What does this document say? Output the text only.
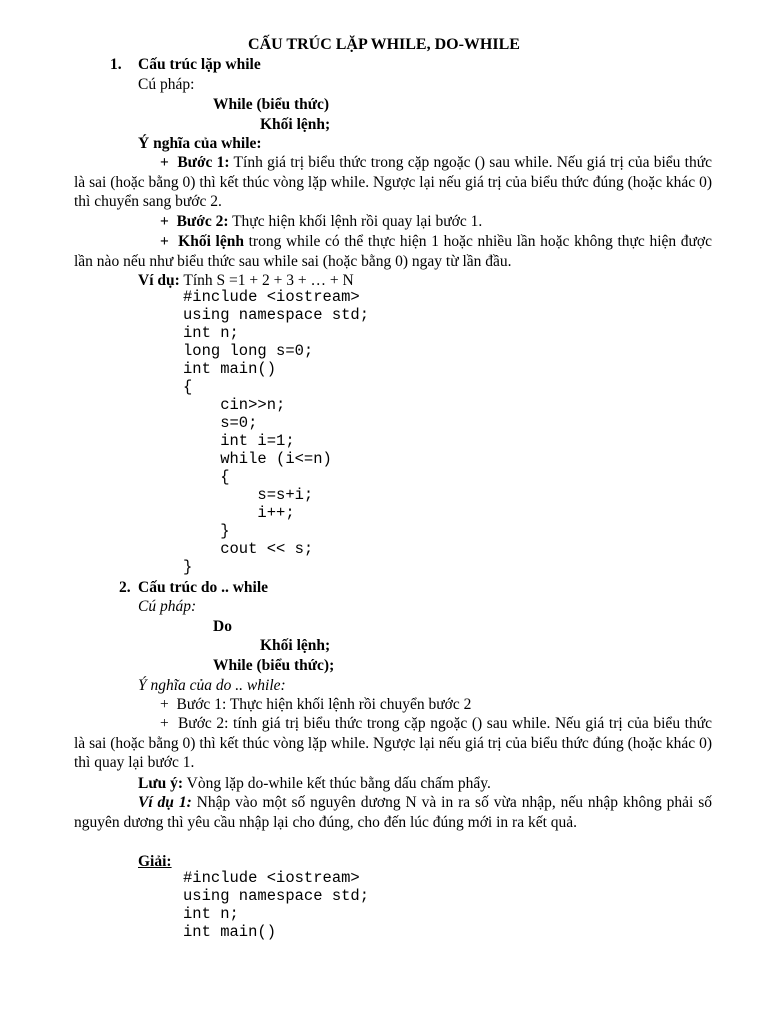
CẤU TRÚC LẶP WHILE, DO-WHILE
1. Cấu trúc lặp while
Cú pháp:
While (biểu thức)
Khối lệnh;
Ý nghĩa của while:
+ Bước 1: Tính giá trị biểu thức trong cặp ngoặc () sau while. Nếu giá trị của biểu thức là sai (hoặc bằng 0) thì kết thúc vòng lặp while. Ngược lại nếu giá trị của biểu thức đúng (hoặc khác 0) thì chuyển sang bước 2.
+ Bước 2: Thực hiện khối lệnh rồi quay lại bước 1.
+ Khối lệnh trong while có thể thực hiện 1 hoặc nhiều lần hoặc không thực hiện được lần nào nếu như biểu thức sau while sai (hoặc bằng 0) ngay từ lần đầu.
Ví dụ: Tính S =1 + 2 + 3 + … + N
#include <iostream>
using namespace std;
int n;
long long s=0;
int main()
{
cin>>n;
s=0;
int i=1;
while (i<=n)
{
s=s+i;
i++;
}
cout << s;
}
2. Cấu trúc do .. while
Cú pháp:
Do
Khối lệnh;
While (biểu thức);
Ý nghĩa của do .. while:
+ Bước 1: Thực hiện khối lệnh rồi chuyển bước 2
+ Bước 2: tính giá trị biểu thức trong cặp ngoặc () sau while. Nếu giá trị của biểu thức là sai (hoặc bằng 0) thì kết thúc vòng lặp while. Ngược lại nếu giá trị của biểu thức đúng (hoặc khác 0) thì quay lại bước 1.
Lưu ý: Vòng lặp do-while kết thúc bằng dấu chấm phẩy.
Ví dụ 1: Nhập vào một số nguyên dương N và in ra số vừa nhập, nếu nhập không phải số nguyên dương thì yêu cầu nhập lại cho đúng, cho đến lúc đúng mới in ra kết quả.
Giải:
#include <iostream>
using namespace std;
int n;
int main()
